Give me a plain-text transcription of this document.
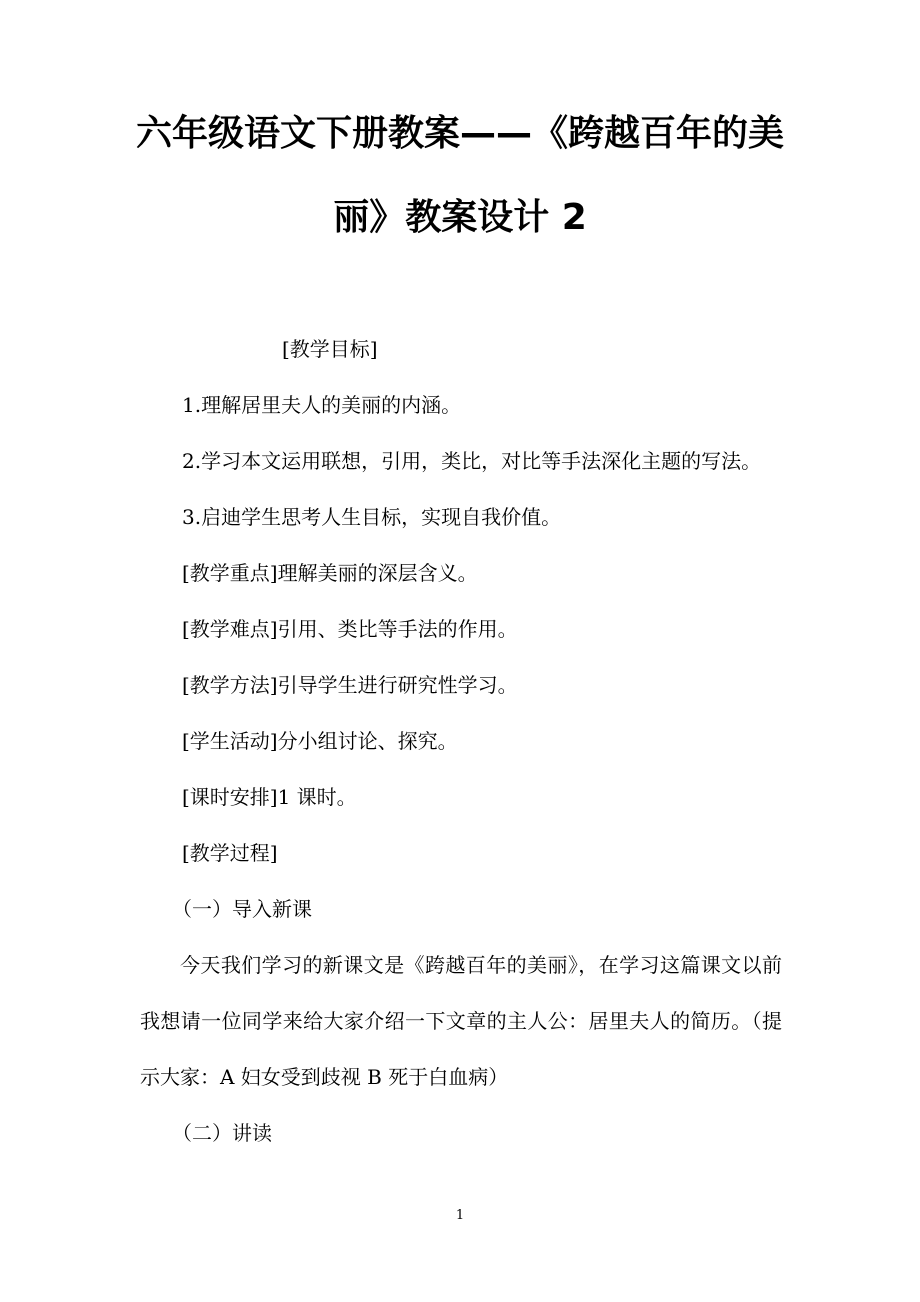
六年级语文下册教案——《跨越百年的美
丽》教案设计 2
[教学目标]
1.理解居里夫人的美丽的内涵。
2.学习本文运用联想，引用，类比，对比等手法深化主题的写法。
3.启迪学生思考人生目标，实现自我价值。
[教学重点]理解美丽的深层含义。
[教学难点]引用、类比等手法的作用。
[教学方法]引导学生进行研究性学习。
[学生活动]分小组讨论、探究。
[课时安排]1 课时。
[教学过程]
（一）导入新课
今天我们学习的新课文是《跨越百年的美丽》，在学习这篇课文以前我想请一位同学来给大家介绍一下文章的主人公：居里夫人的简历。（提示大家：A 妇女受到歧视 B 死于白血病）
（二）讲读
1
